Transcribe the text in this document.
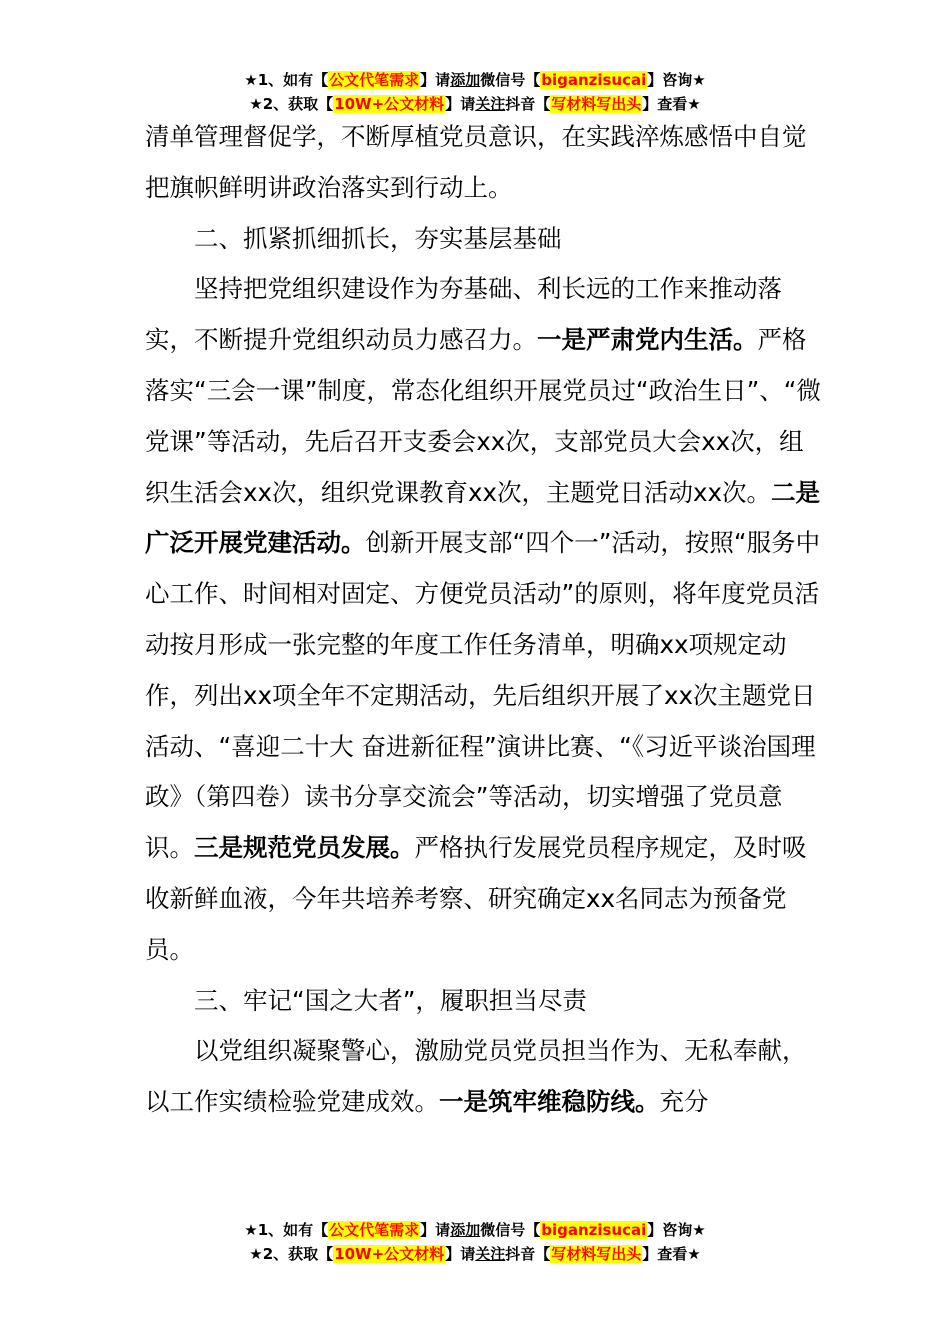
★1、如有【公文代笔需求】请添加微信号【biganzisucai】咨询★
★2、获取【10W+公文材料】请关注抖音【写材料写出头】查看★

清单管理督促学，不断厚植党员意识，在实践淬炼感悟中自觉把旗帜鲜明讲政治落实到行动上。

二、抓紧抓细抓长，夯实基层基础

坚持把党组织建设作为夯基础、利长远的工作来推动落实，不断提升党组织动员力感召力。一是严肃党内生活。严格落实“三会一课”制度，常态化组织开展党员过“政治生日”、“微党课”等活动，先后召开支委会xx次，支部党员大会xx次，组织生活会xx次，组织党课教育xx次，主题党日活动xx次。二是广泛开展党建活动。创新开展支部“四个一”活动，按照“服务中心工作、时间相对固定、方便党员活动”的原则，将年度党员活动按月形成一张完整的年度工作任务清单，明确xx项规定动作，列出xx项全年不定期活动，先后组织开展了xx次主题党日活动、“喜迎二十大 奋进新征程”演讲比赛、“《习近平谈治国理政》（第四卷）读书分享交流会”等活动，切实增强了党员意识。三是规范党员发展。严格执行发展党员程序规定，及时吸收新鲜血液，今年共培养考察、研究确定xx名同志为预备党员。

三、牢记“国之大者”，履职担当尽责

以党组织凝聚警心，激励党员党员担当作为、无私奉献，以工作实绩检验党建成效。一是筑牢维稳防线。充分

★1、如有【公文代笔需求】请添加微信号【biganzisucai】咨询★
★2、获取【10W+公文材料】请关注抖音【写材料写出头】查看★
